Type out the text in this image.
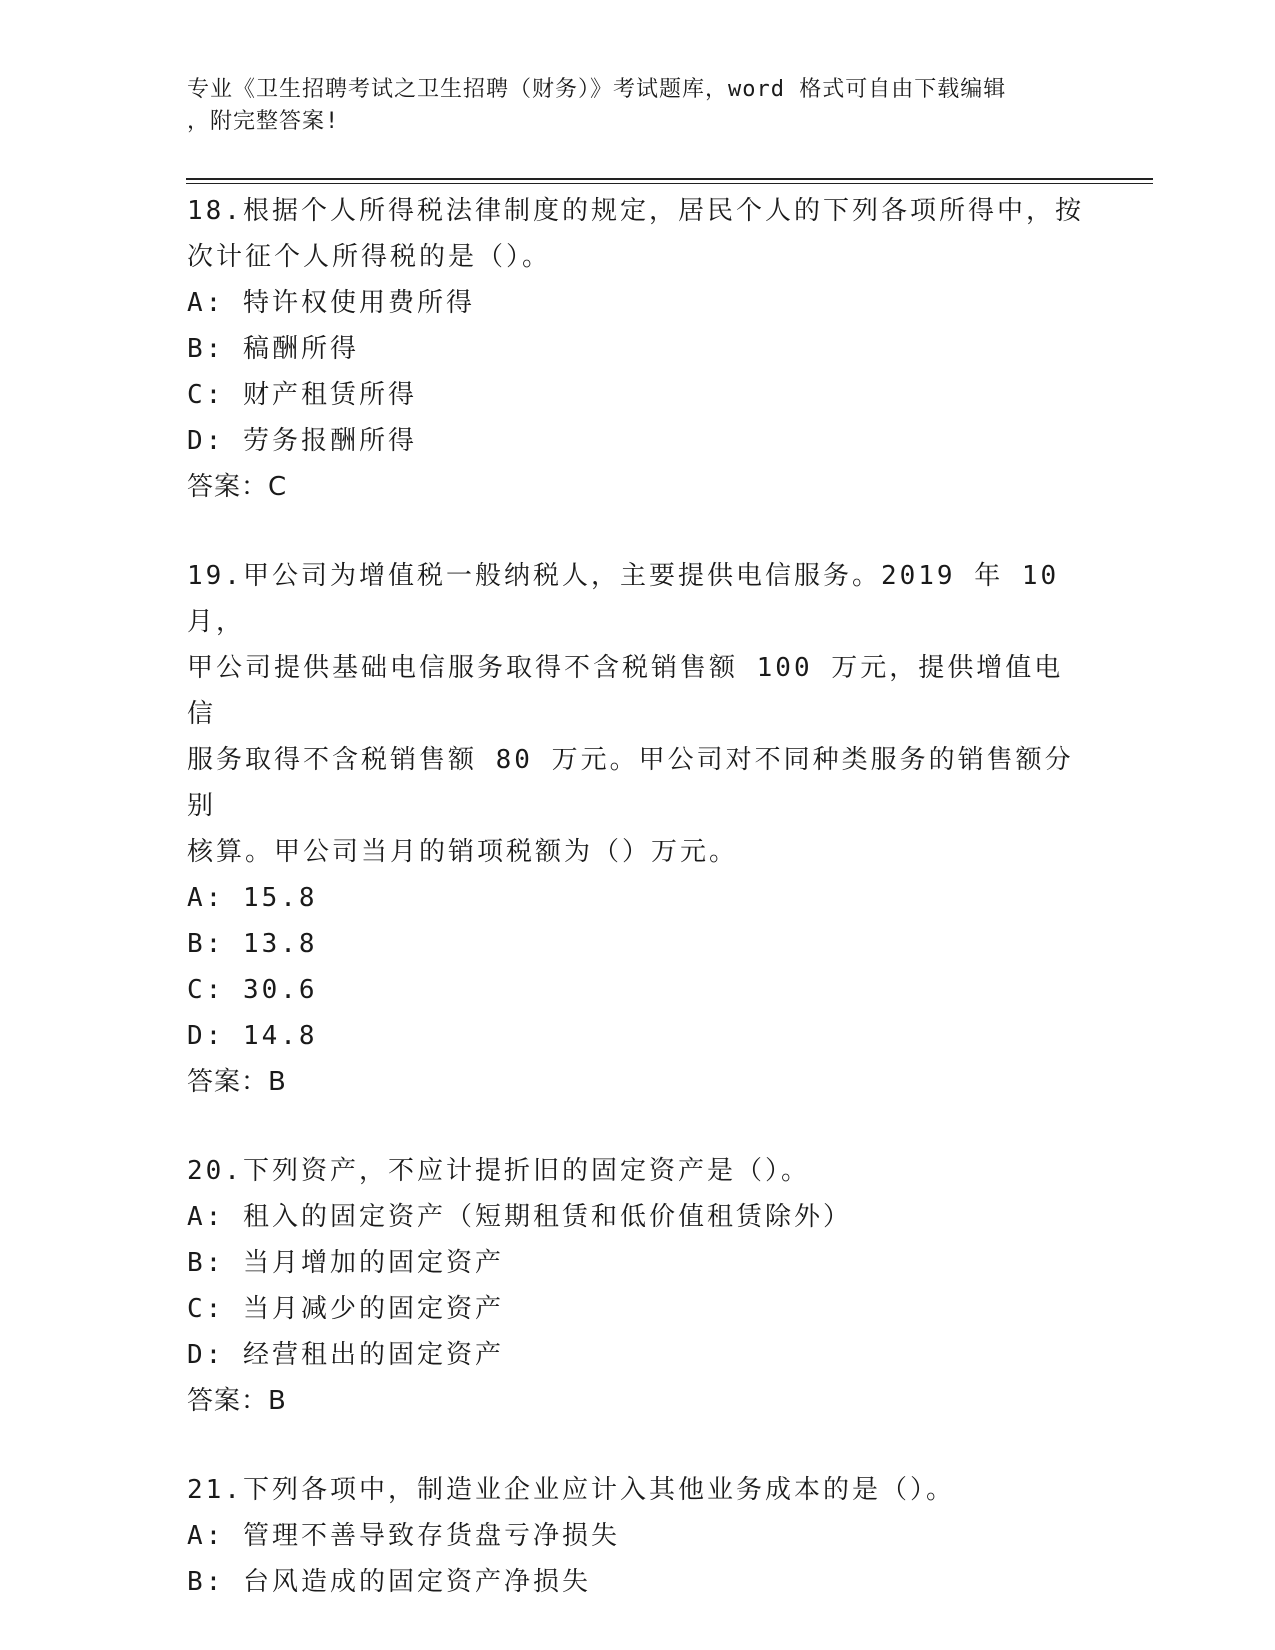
专业《卫生招聘考试之卫生招聘（财务）》考试题库，word 格式可自由下载编辑
，附完整答案!

18.根据个人所得税法律制度的规定，居民个人的下列各项所得中，按

次计征个人所得税的是（）。

A: 特许权使用费所得

B: 稿酬所得

C: 财产租赁所得

D: 劳务报酬所得

答案：C

19.甲公司为增值税一般纳税人，主要提供电信服务。2019 年 10 月，

甲公司提供基础电信服务取得不含税销售额 100 万元，提供增值电信

服务取得不含税销售额 80 万元。甲公司对不同种类服务的销售额分别

核算。甲公司当月的销项税额为（）万元。

A: 15.8

B: 13.8

C: 30.6

D: 14.8

答案：B

20.下列资产，不应计提折旧的固定资产是（）。

A: 租入的固定资产（短期租赁和低价值租赁除外）

B: 当月增加的固定资产

C: 当月减少的固定资产

D: 经营租出的固定资产

答案：B

21.下列各项中，制造业企业应计入其他业务成本的是（）。

A: 管理不善导致存货盘亏净损失

B: 台风造成的固定资产净损失
